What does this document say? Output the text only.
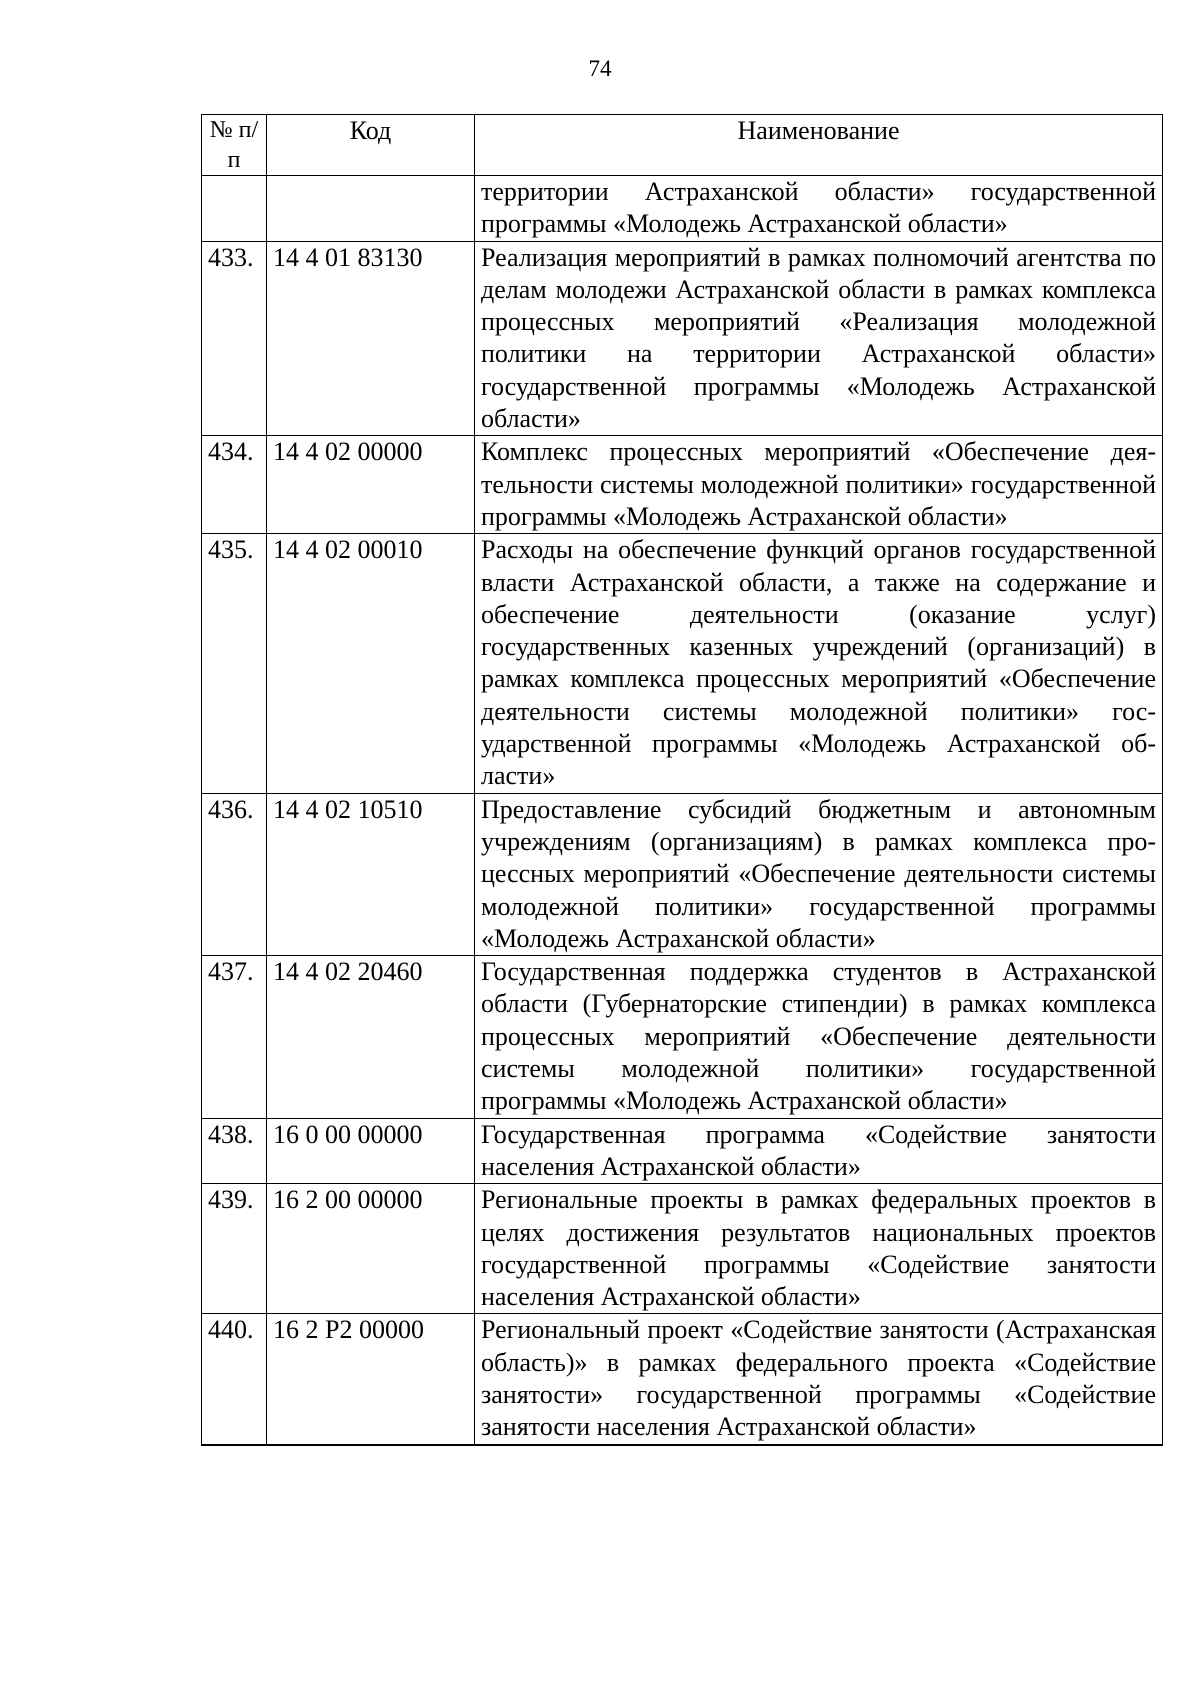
74
№ п/п	Код	Наименование
		территории Астраханской области» государственной программы «Молодежь Астраханской области»
433.	14 4 01 83130	Реализация мероприятий в рамках полномочий агентства по делам молодежи Астраханской области в рамках комплекса процессных мероприятий «Реализация молодежной политики на территории Астраханской области» государственной программы «Молодежь Астраханской области»
434.	14 4 02 00000	Комплекс процессных мероприятий «Обеспечение деятельности системы молодежной политики» государственной программы «Молодежь Астраханской области»
435.	14 4 02 00010	Расходы на обеспечение функций органов государственной власти Астраханской области, а также на содержание и обеспечение деятельности (оказание услуг) государственных казенных учреждений (организаций) в рамках комплекса процессных мероприятий «Обеспечение деятельности системы молодежной политики» государственной программы «Молодежь Астраханской области»
436.	14 4 02 10510	Предоставление субсидий бюджетным и автономным учреждениям (организациям) в рамках комплекса процессных мероприятий «Обеспечение деятельности системы молодежной политики» государственной программы «Молодежь Астраханской области»
437.	14 4 02 20460	Государственная поддержка студентов в Астраханской области (Губернаторские стипендии) в рамках комплекса процессных мероприятий «Обеспечение деятельности системы молодежной политики» государственной программы «Молодежь Астраханской области»
438.	16 0 00 00000	Государственная программа «Содействие занятости населения Астраханской области»
439.	16 2 00 00000	Региональные проекты в рамках федеральных проектов в целях достижения результатов национальных проектов государственной программы «Содействие занятости населения Астраханской области»
440.	16 2 Р2 00000	Региональный проект «Содействие занятости (Астраханская область)» в рамках федерального проекта «Содействие занятости» государственной программы «Содействие занятости населения Астраханской области»
